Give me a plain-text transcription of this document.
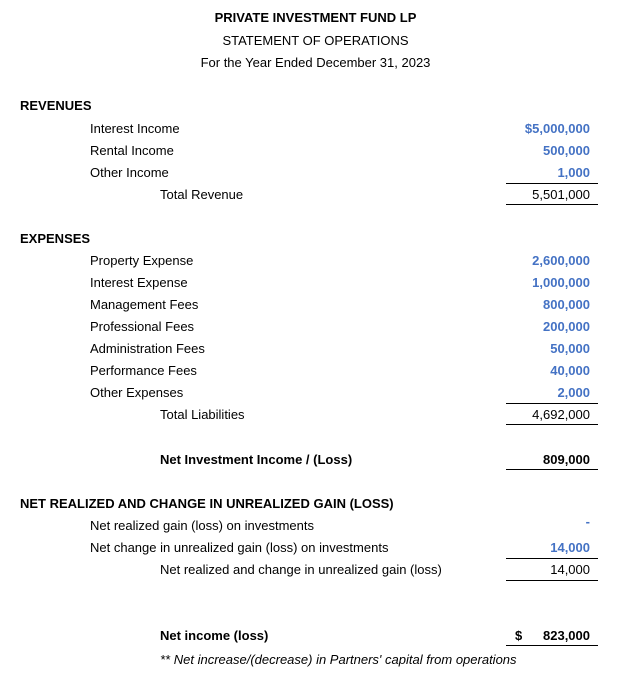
PRIVATE INVESTMENT FUND LP
STATEMENT OF OPERATIONS
For the Year Ended December 31, 2023
REVENUES
Interest Income	$5,000,000
Rental Income	500,000
Other Income	1,000
Total Revenue	5,501,000
EXPENSES
Property Expense	2,600,000
Interest Expense	1,000,000
Management Fees	800,000
Professional Fees	200,000
Administration Fees	50,000
Performance Fees	40,000
Other Expenses	2,000
Total Liabilities	4,692,000
Net Investment Income / (Loss)	809,000
NET REALIZED AND CHANGE IN UNREALIZED GAIN (LOSS)
Net realized gain (loss) on investments	-
Net change in unrealized gain (loss) on investments	14,000
Net realized and change in unrealized gain (loss)	14,000
Net income (loss)	$ 823,000
** Net increase/(decrease) in Partners' capital from operations
